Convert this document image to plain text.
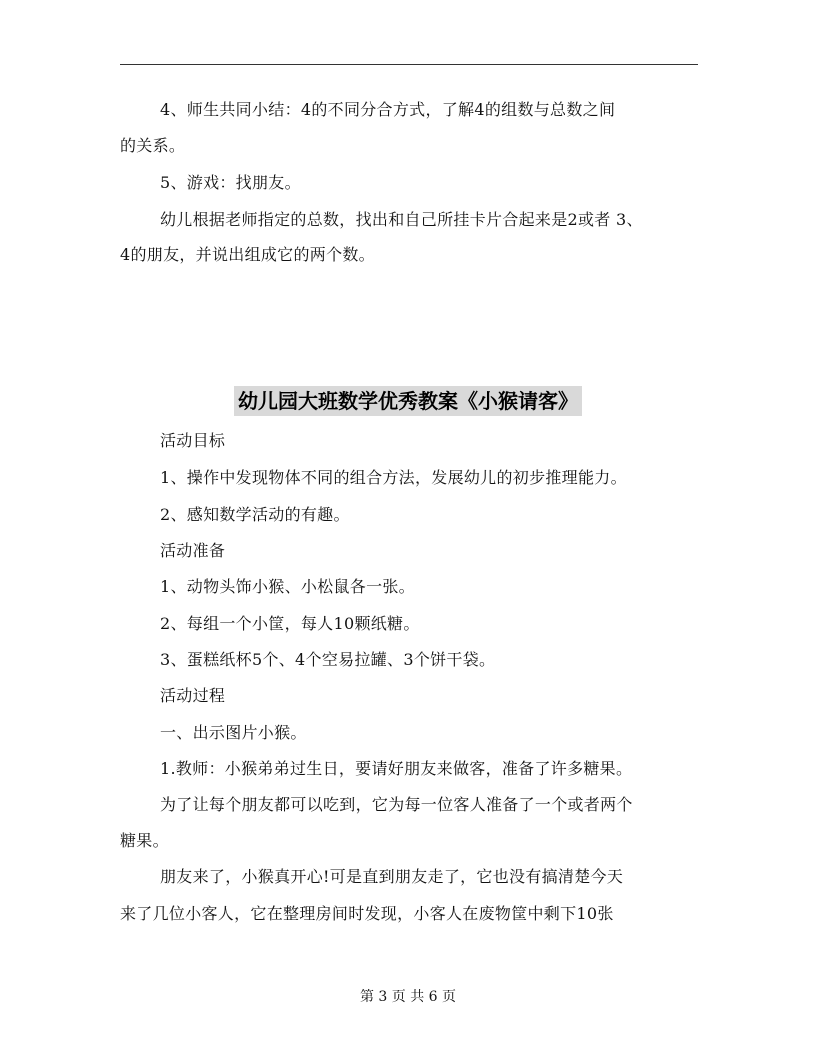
4、师生共同小结：4的不同分合方式，了解4的组数与总数之间
的关系。
5、游戏：找朋友。
幼儿根据老师指定的总数，找出和自己所挂卡片合起来是2或者 3、
4的朋友，并说出组成它的两个数。
幼儿园大班数学优秀教案《小猴请客》
活动目标
1、操作中发现物体不同的组合方法，发展幼儿的初步推理能力。
2、感知数学活动的有趣。
活动准备
1、动物头饰小猴、小松鼠各一张。
2、每组一个小筐，每人10颗纸糖。
3、蛋糕纸杯5个、4个空易拉罐、3个饼干袋。
活动过程
一、出示图片小猴。
1.教师：小猴弟弟过生日，要请好朋友来做客，准备了许多糖果。
为了让每个朋友都可以吃到，它为每一位客人准备了一个或者两个
糖果。
朋友来了，小猴真开心!可是直到朋友走了，它也没有搞清楚今天
来了几位小客人，它在整理房间时发现，小客人在废物筐中剩下10张
第 3 页 共 6 页
